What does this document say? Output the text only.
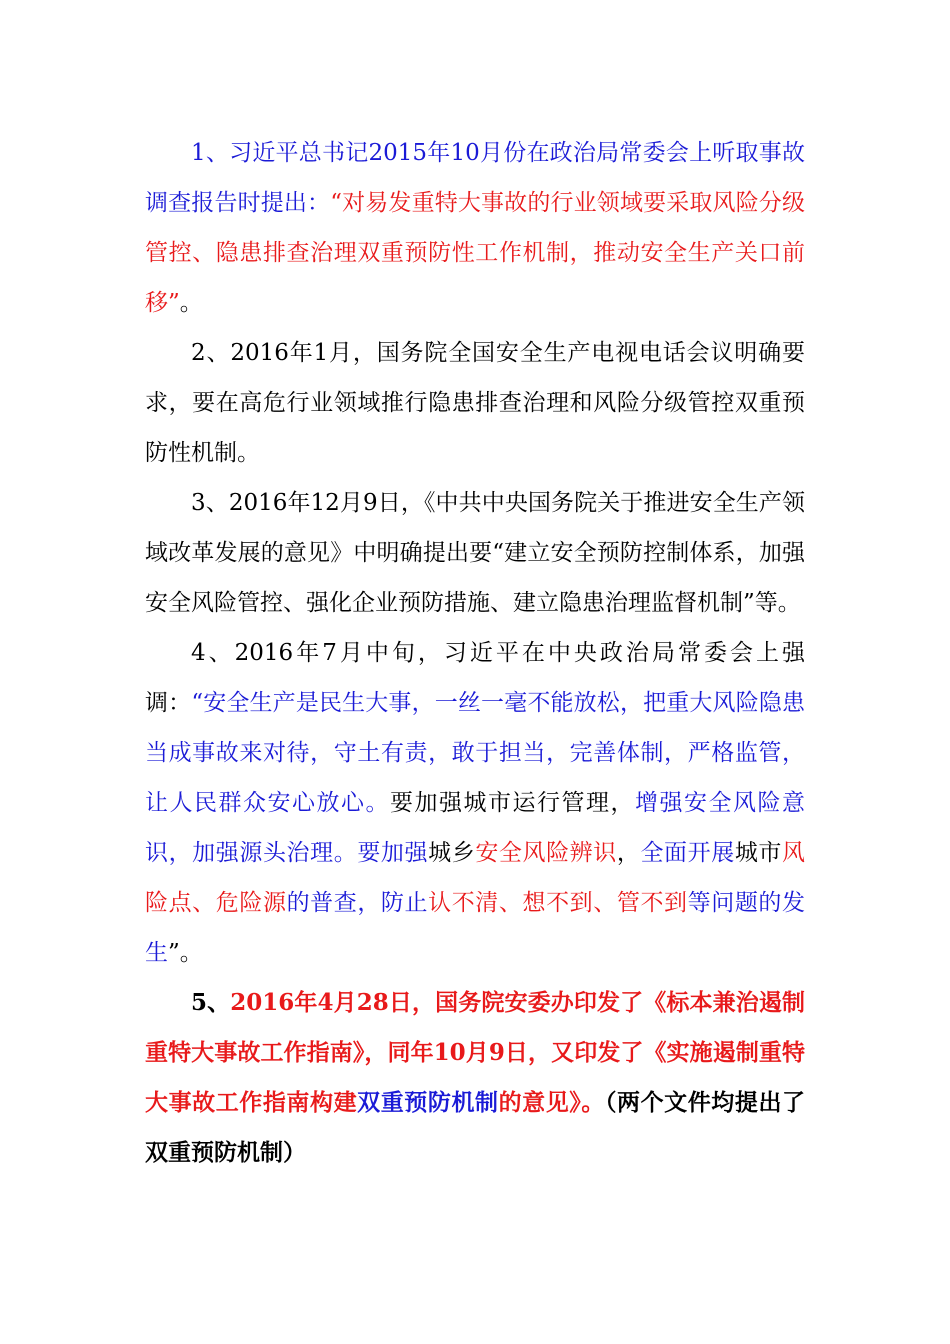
1、习近平总书记2015年10月份在政治局常委会上听取事故调查报告时提出：“对易发重特大事故的行业领域要采取风险分级管控、隐患排查治理双重预防性工作机制，推动安全生产关口前移”。

2、2016年1月，国务院全国安全生产电视电话会议明确要求，要在高危行业领域推行隐患排查治理和风险分级管控双重预防性机制。

3、2016年12月9日，《中共中央国务院关于推进安全生产领域改革发展的意见》中明确提出要“建立安全预防控制体系，加强安全风险管控、强化企业预防措施、建立隐患治理监督机制”等。

4、2016年7月中旬，习近平在中央政治局常委会上强调：“安全生产是民生大事，一丝一毫不能放松，把重大风险隐患当成事故来对待，守土有责，敢于担当，完善体制，严格监管，让人民群众安心放心。要加强城市运行管理，增强安全风险意识，加强源头治理。要加强城乡安全风险辨识，全面开展城市风险点、危险源的普查，防止认不清、想不到、管不到等问题的发生”。

5、2016年4月28日，国务院安委办印发了《标本兼治遏制重特大事故工作指南》，同年10月9日，又印发了《实施遏制重特大事故工作指南构建双重预防机制的意见》。（两个文件均提出了双重预防机制）
